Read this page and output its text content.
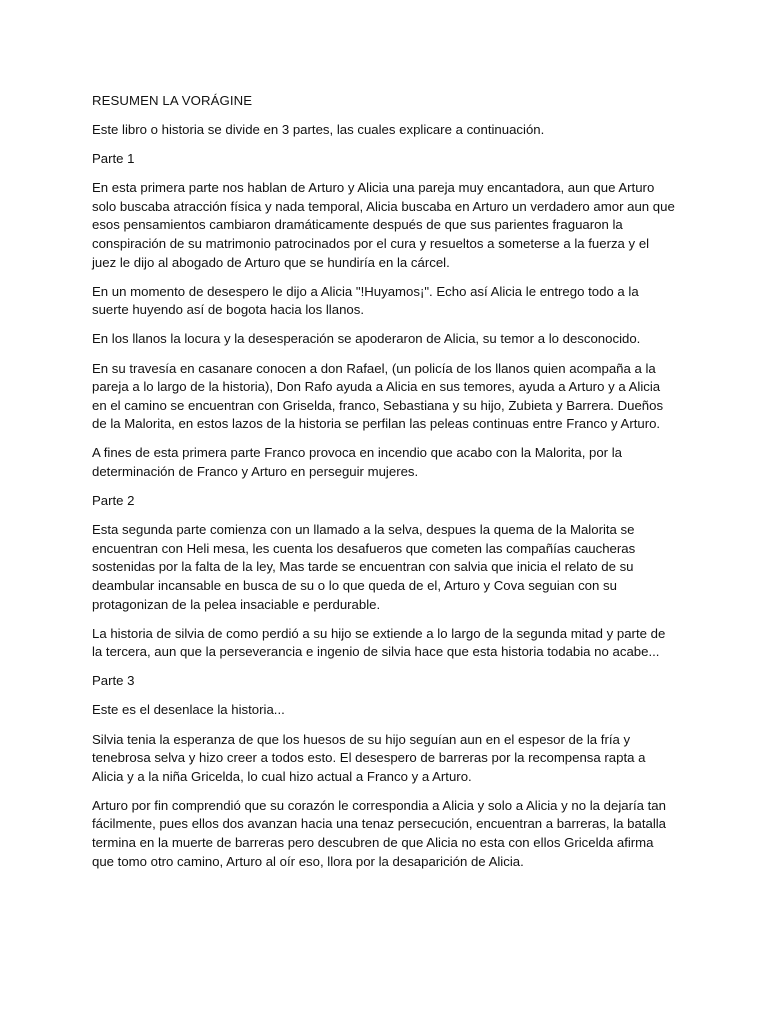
RESUMEN LA VORÁGINE

Este libro o historia se divide en 3 partes, las cuales explicare a continuación.

Parte 1

En esta primera parte nos hablan de Arturo y Alicia una pareja muy encantadora, aun que Arturo solo buscaba atracción física y nada temporal, Alicia buscaba en Arturo un verdadero amor aun que esos pensamientos cambiaron dramáticamente después de que sus parientes fraguaron la conspiración de su matrimonio patrocinados por el cura y resueltos a someterse a la fuerza y el juez le dijo al abogado de Arturo que se hundiría en la cárcel.

En un momento de desespero le dijo a Alicia "!Huyamos¡". Echo así Alicia le entrego todo a la suerte huyendo así de bogota hacia los llanos.

En los llanos la locura y la desesperación se apoderaron de Alicia, su temor a lo desconocido.

En su travesía en casanare conocen a don Rafael, (un policía de los llanos quien acompaña a la pareja a lo largo de la historia), Don Rafo ayuda a Alicia en sus temores, ayuda a Arturo y a Alicia en el camino se encuentran con Griselda, franco, Sebastiana y su hijo, Zubieta y Barrera. Dueños de la Malorita, en estos lazos de la historia se perfilan las peleas continuas entre Franco y Arturo.

A fines de esta primera parte Franco provoca en incendio que acabo con la Malorita, por la determinación de Franco y Arturo en perseguir mujeres.

Parte 2

Esta segunda parte comienza con un llamado a la selva, despues la quema de la Malorita se encuentran con Heli mesa, les cuenta los desafueros que cometen las compañías caucheras sostenidas por la falta de la ley, Mas tarde se encuentran con salvia que inicia el relato de su deambular incansable en busca de su o lo que queda de el, Arturo y Cova seguian con su protagonizan de la pelea insaciable e perdurable.

La historia de silvia de como perdió a su hijo se extiende a lo largo de la segunda mitad y parte de la tercera, aun que la perseverancia e ingenio de silvia hace que esta historia todabia no acabe...

Parte 3

Este es el desenlace la historia...

Silvia tenia la esperanza de que los huesos de su hijo seguían aun en el espesor de la fría y tenebrosa selva y hizo creer a todos esto. El desespero de barreras por la recompensa rapta a Alicia y a la niña Gricelda, lo cual hizo actual a Franco y a Arturo.

Arturo por fin comprendió que su corazón le correspondia a Alicia y solo a Alicia y no la dejaría tan fácilmente, pues ellos dos avanzan hacia una tenaz persecución, encuentran a barreras, la batalla termina en la muerte de barreras pero descubren de que Alicia no esta con ellos Gricelda afirma que tomo otro camino, Arturo al oír eso, llora por la desaparición de Alicia.
